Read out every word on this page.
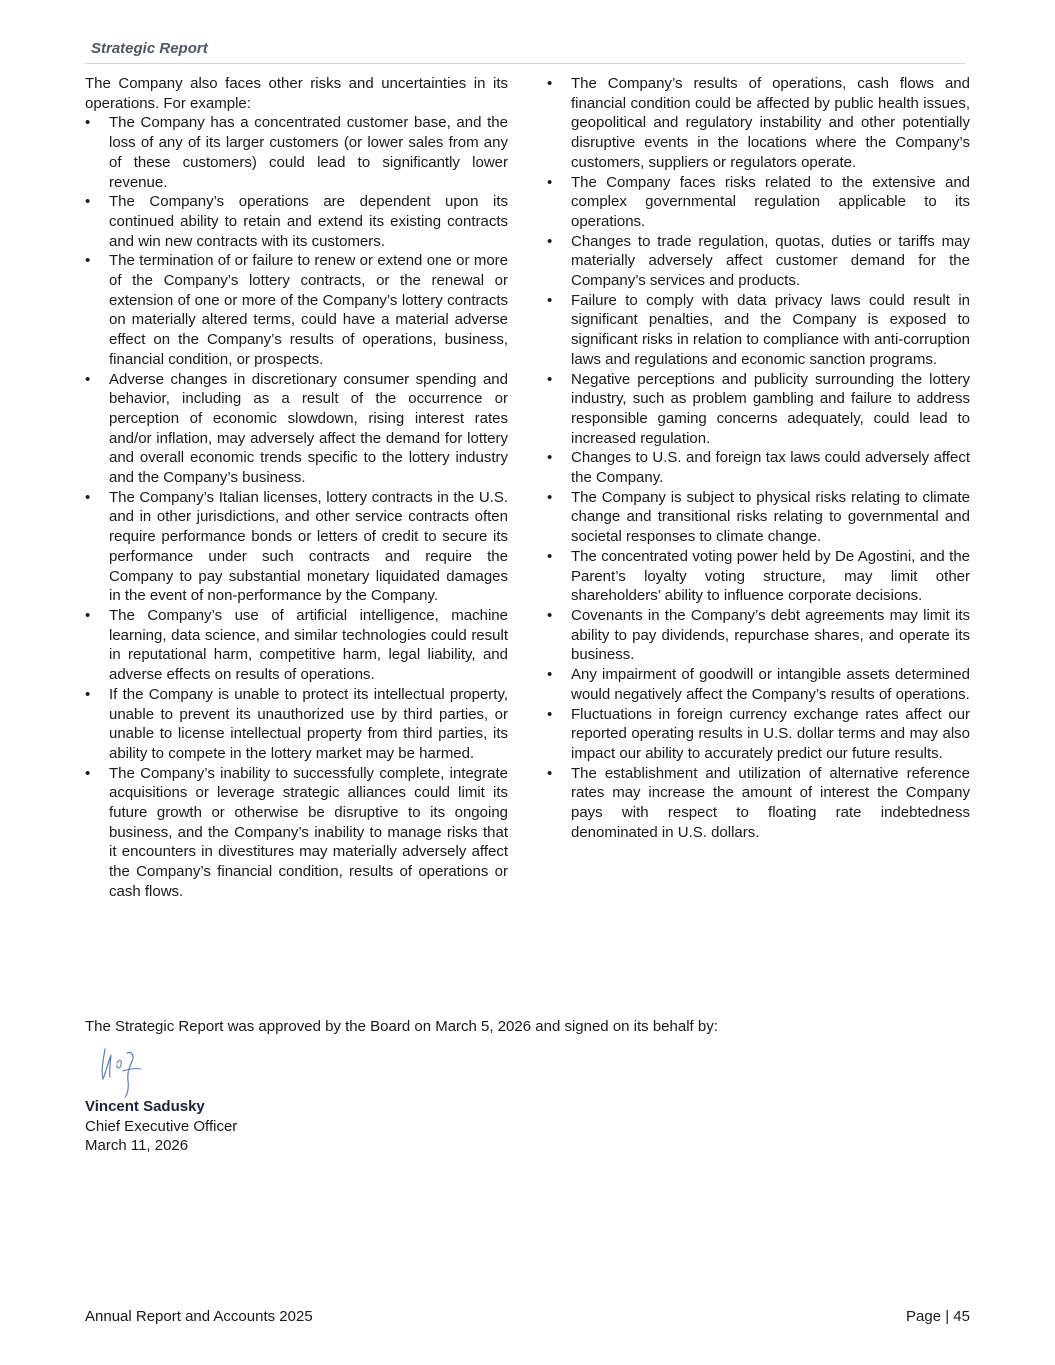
Strategic Report

The Company also faces other risks and uncertainties in its operations. For example:

• The Company has a concentrated customer base, and the loss of any of its larger customers (or lower sales from any of these customers) could lead to significantly lower revenue.
• The Company’s operations are dependent upon its continued ability to retain and extend its existing contracts and win new contracts with its customers.
• The termination of or failure to renew or extend one or more of the Company’s lottery contracts, or the renewal or extension of one or more of the Company’s lottery contracts on materially altered terms, could have a material adverse effect on the Company’s results of operations, business, financial condition, or prospects.
• Adverse changes in discretionary consumer spending and behavior, including as a result of the occurrence or perception of economic slowdown, rising interest rates and/or inflation, may adversely affect the demand for lottery and overall economic trends specific to the lottery industry and the Company’s business.
• The Company’s Italian licenses, lottery contracts in the U.S. and in other jurisdictions, and other service contracts often require performance bonds or letters of credit to secure its performance under such contracts and require the Company to pay substantial monetary liquidated damages in the event of non-performance by the Company.
• The Company’s use of artificial intelligence, machine learning, data science, and similar technologies could result in reputational harm, competitive harm, legal liability, and adverse effects on results of operations.
• If the Company is unable to protect its intellectual property, unable to prevent its unauthorized use by third parties, or unable to license intellectual property from third parties, its ability to compete in the lottery market may be harmed.
• The Company’s inability to successfully complete, integrate acquisitions or leverage strategic alliances could limit its future growth or otherwise be disruptive to its ongoing business, and the Company’s inability to manage risks that it encounters in divestitures may materially adversely affect the Company’s financial condition, results of operations or cash flows.
• The Company’s results of operations, cash flows and financial condition could be affected by public health issues, geopolitical and regulatory instability and other potentially disruptive events in the locations where the Company’s customers, suppliers or regulators operate.
• The Company faces risks related to the extensive and complex governmental regulation applicable to its operations.
• Changes to trade regulation, quotas, duties or tariffs may materially adversely affect customer demand for the Company’s services and products.
• Failure to comply with data privacy laws could result in significant penalties, and the Company is exposed to significant risks in relation to compliance with anti-corruption laws and regulations and economic sanction programs.
• Negative perceptions and publicity surrounding the lottery industry, such as problem gambling and failure to address responsible gaming concerns adequately, could lead to increased regulation.
• Changes to U.S. and foreign tax laws could adversely affect the Company.
• The Company is subject to physical risks relating to climate change and transitional risks relating to governmental and societal responses to climate change.
• The concentrated voting power held by De Agostini, and the Parent’s loyalty voting structure, may limit other shareholders’ ability to influence corporate decisions.
• Covenants in the Company’s debt agreements may limit its ability to pay dividends, repurchase shares, and operate its business.
• Any impairment of goodwill or intangible assets determined would negatively affect the Company’s results of operations.
• Fluctuations in foreign currency exchange rates affect our reported operating results in U.S. dollar terms and may also impact our ability to accurately predict our future results.
• The establishment and utilization of alternative reference rates may increase the amount of interest the Company pays with respect to floating rate indebtedness denominated in U.S. dollars.

The Strategic Report was approved by the Board on March 5, 2026 and signed on its behalf by:

Vincent Sadusky
Chief Executive Officer
March 11, 2026
Annual Report and Accounts 2025	Page | 45
